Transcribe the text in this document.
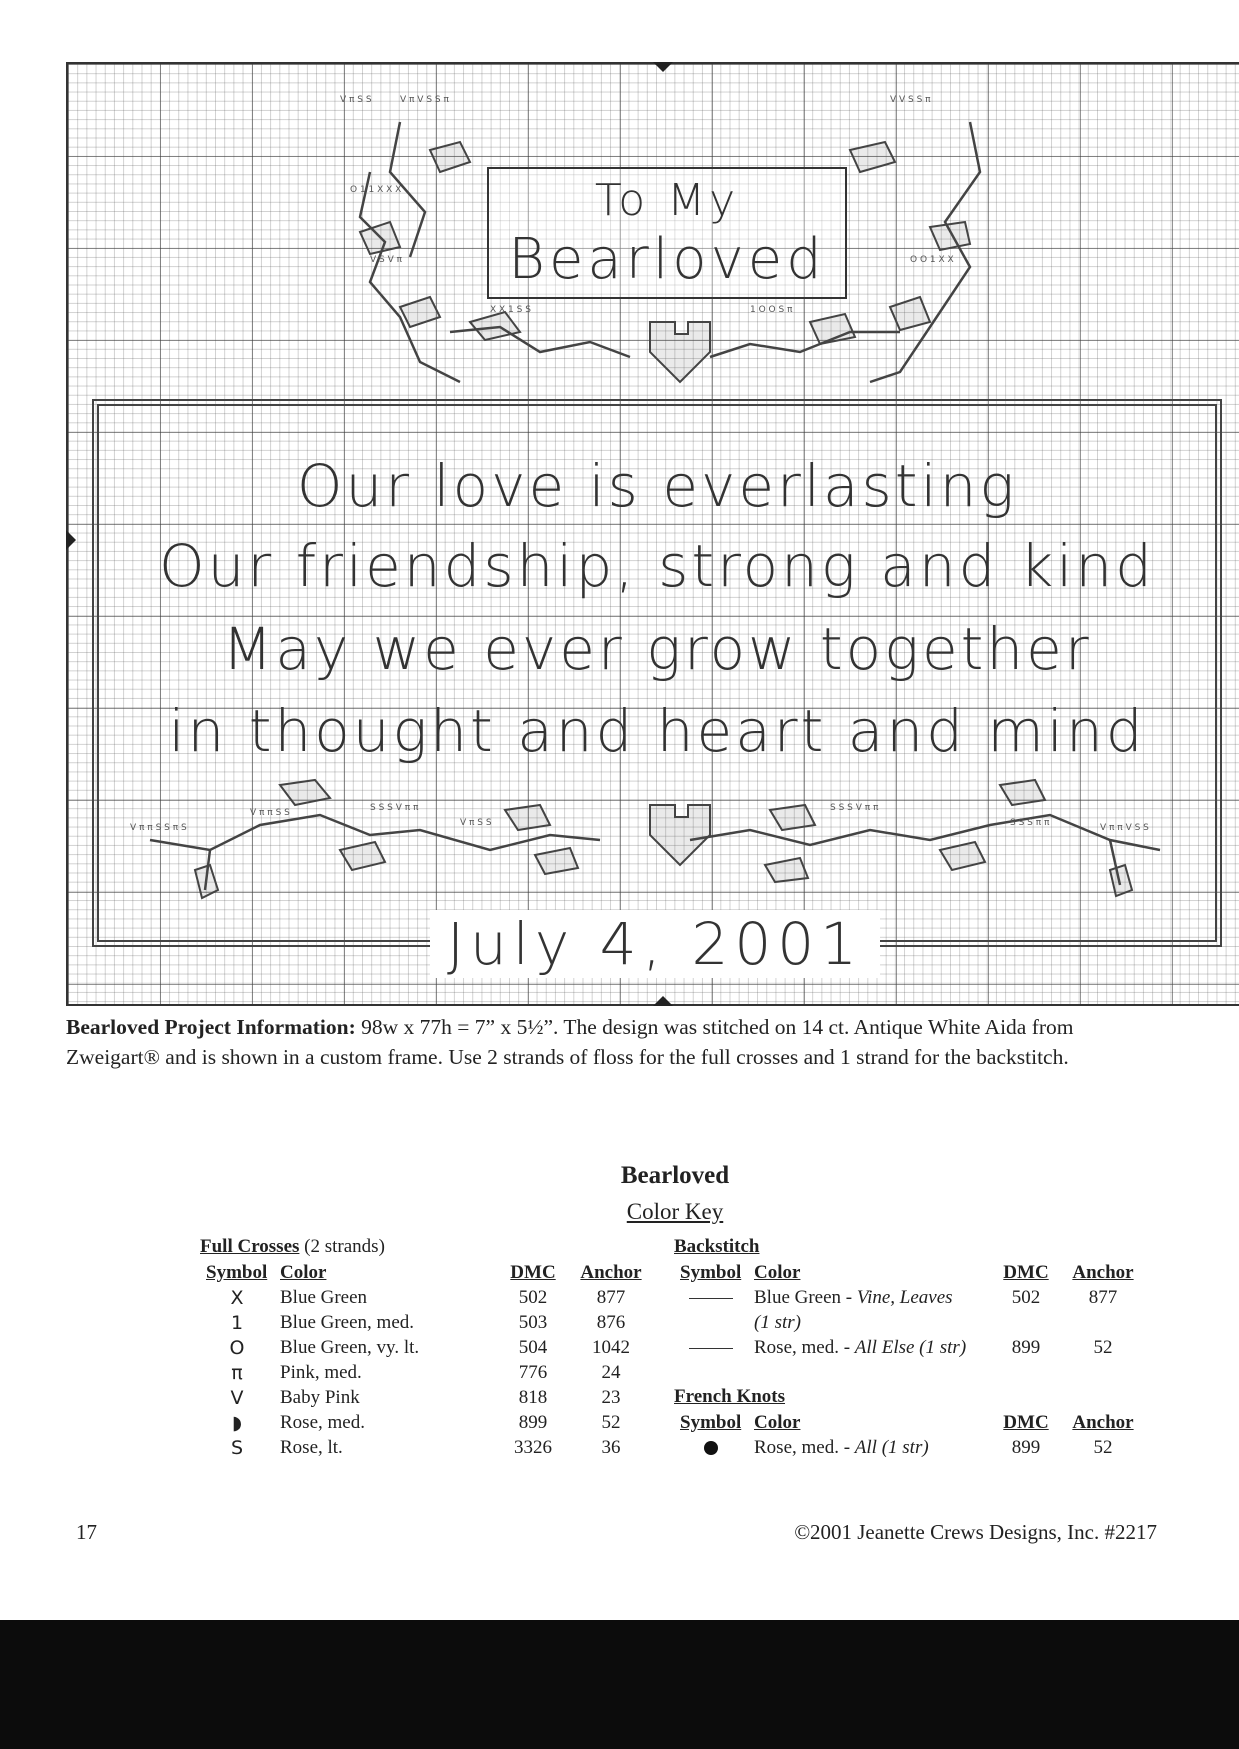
V π S S	V π V S S π
O 1 1 X X X
V S V π
V V S S π
O O 1 X X
X X 1 S S	1 O O S π
V π π S S π S
V π π S S	S S S V π π
V π S S
S S S V π π
S S S π π	V π π V S S
To My
Bearloved
Our love is everlasting
Our friendship, strong and kind
May we ever grow together
in thought and heart and mind
July 4, 2001
Bearloved Project Information: 98w x 77h = 7” x 5½”. The design was stitched on 14 ct. Antique White Aida from
Zweigart® and is shown in a custom frame. Use 2 strands of floss for the full crosses and 1 strand for the backstitch.
Bearloved
Color Key
Full Crosses (2 strands)
Symbol	Color	DMC	Anchor
X	Blue Green	502	877
1	Blue Green, med.	503	876
O	Blue Green, vy. lt.	504	1042
π	Pink, med.	776	24
V	Baby Pink	818	23
◗	Rose, med.	899	52
S	Rose, lt.	3326	36
Backstitch
Symbol	Color	DMC	Anchor
	Blue Green - Vine, Leaves	502	877
	(1 str)		
	Rose, med. - All Else (1 str)	899	52
French Knots
Symbol	Color	DMC	Anchor
	Rose, med. - All (1 str)	899	52
17	©2001 Jeanette Crews Designs, Inc. #2217
